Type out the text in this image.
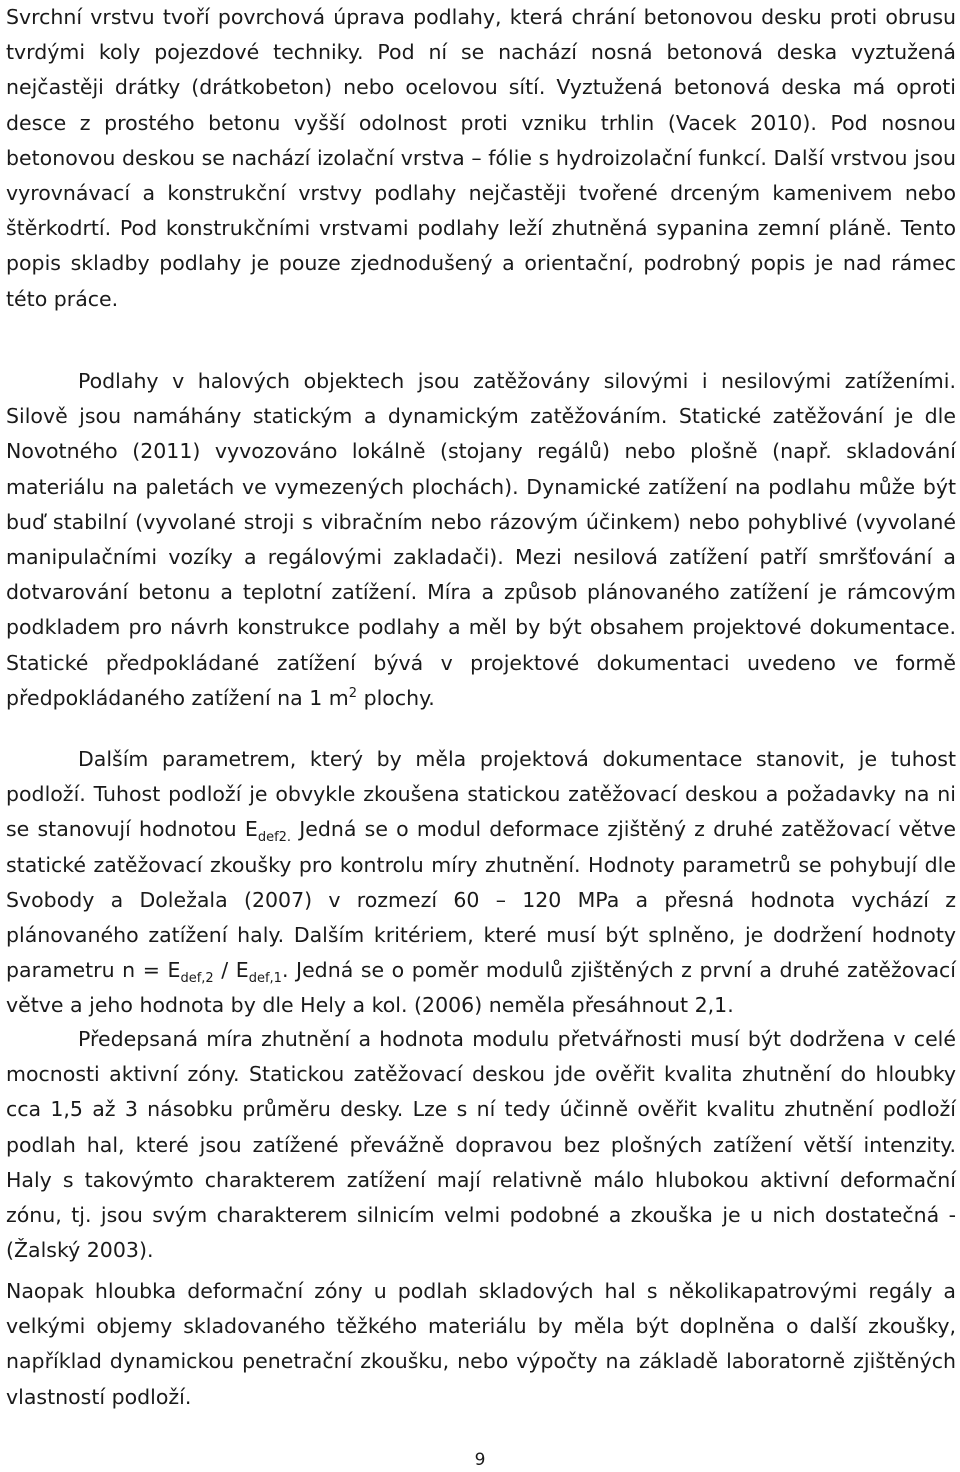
Svrchní vrstvu tvoří povrchová úprava podlahy, která chrání betonovou desku proti obrusu tvrdými koly pojezdové techniky. Pod ní se nachází nosná betonová deska vyztužená nejčastěji drátky (drátkobeton) nebo ocelovou sítí. Vyztužená betonová deska má oproti desce z prostého betonu vyšší odolnost proti vzniku trhlin (Vacek 2010). Pod nosnou betonovou deskou se nachází izolační vrstva – fólie s hydroizolační funkcí. Další vrstvou jsou vyrovnávací a konstrukční vrstvy podlahy nejčastěji tvořené drceným kamenivem nebo štěrkodrtí. Pod konstrukčními vrstvami podlahy leží zhutněná sypanina zemní pláně. Tento popis skladby podlahy je pouze zjednodušený a orientační, podrobný popis je nad rámec této práce.

Podlahy v halových objektech jsou zatěžovány silovými i nesilovými zatíženími. Silově jsou namáhány statickým a dynamickým zatěžováním. Statické zatěžování je dle Novotného (2011) vyvozováno lokálně (stojany regálů) nebo plošně (např. skladování materiálu na paletách ve vymezených plochách). Dynamické zatížení na podlahu může být buď stabilní (vyvolané stroji s vibračním nebo rázovým účinkem) nebo pohyblivé (vyvolané manipulačními vozíky a regálovými zakladači). Mezi nesilová zatížení patří smršťování a dotvarování betonu a teplotní zatížení. Míra a způsob plánovaného zatížení je rámcovým podkladem pro návrh konstrukce podlahy a měl by být obsahem projektové dokumentace. Statické předpokládané zatížení bývá v projektové dokumentaci uvedeno ve formě předpokládaného zatížení na 1 $m^2$ plochy.

Dalším parametrem, který by měla projektová dokumentace stanovit, je tuhost podloží. Tuhost podloží je obvykle zkoušena statickou zatěžovací deskou a požadavky na ni se stanovují hodnotou $E_{def2.}$ Jedná se o modul deformace zjištěný z druhé zatěžovací větve statické zatěžovací zkoušky pro kontrolu míry zhutnění. Hodnoty parametrů se pohybují dle Svobody a Doležala (2007) v rozmezí 60 – 120 MPa a přesná hodnota vychází z plánovaného zatížení haly. Dalším kritériem, které musí být splněno, je dodržení hodnoty parametru $n = E_{def,2} / E_{def,1}$. Jedná se o poměr modulů zjištěných z první a druhé zatěžovací větve a jeho hodnota by dle Hely a kol. (2006) neměla přesáhnout 2,1.

Předepsaná míra zhutnění a hodnota modulu přetvářnosti musí být dodržena v celé mocnosti aktivní zóny. Statickou zatěžovací deskou jde ověřit kvalita zhutnění do hloubky cca 1,5 až 3 násobku průměru desky. Lze s ní tedy účinně ověřit kvalitu zhutnění podloží podlah hal, které jsou zatížené převážně dopravou bez plošných zatížení větší intenzity. Haly s takovýmto charakterem zatížení mají relativně málo hlubokou aktivní deformační zónu, tj. jsou svým charakterem silnicím velmi podobné a zkouška je u nich dostatečná - (Žalský 2003).

Naopak hloubka deformační zóny u podlah skladových hal s několikapatrovými regály a velkými objemy skladovaného těžkého materiálu by měla být doplněna o další zkoušky, například dynamickou penetrační zkoušku, nebo výpočty na základě laboratorně zjištěných vlastností podloží.

9
